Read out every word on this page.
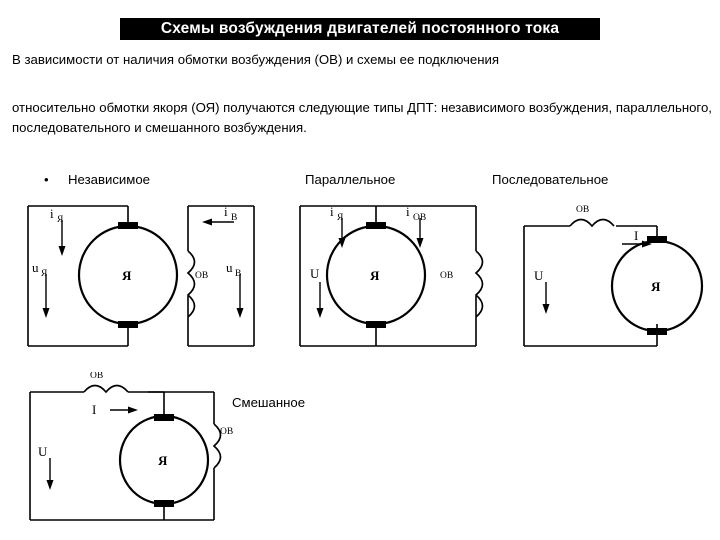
Схемы возбуждения двигателей постоянного тока
В зависимости от наличия обмотки возбуждения (ОВ) и схемы ее подключения
относительно обмотки якоря (ОЯ) получаются следующие типы ДПТ: независимого возбуждения, параллельного, последовательного и смешанного возбуждения.
• Независимое	Параллельное	Последовательное
Смешанное
Я
i Я
u Я	ОВ
i В
u В	Я	ОВ
i Я	i ОВ
U
ОВ
I
Я
U
ОВ
I
Я
ОВ
U
